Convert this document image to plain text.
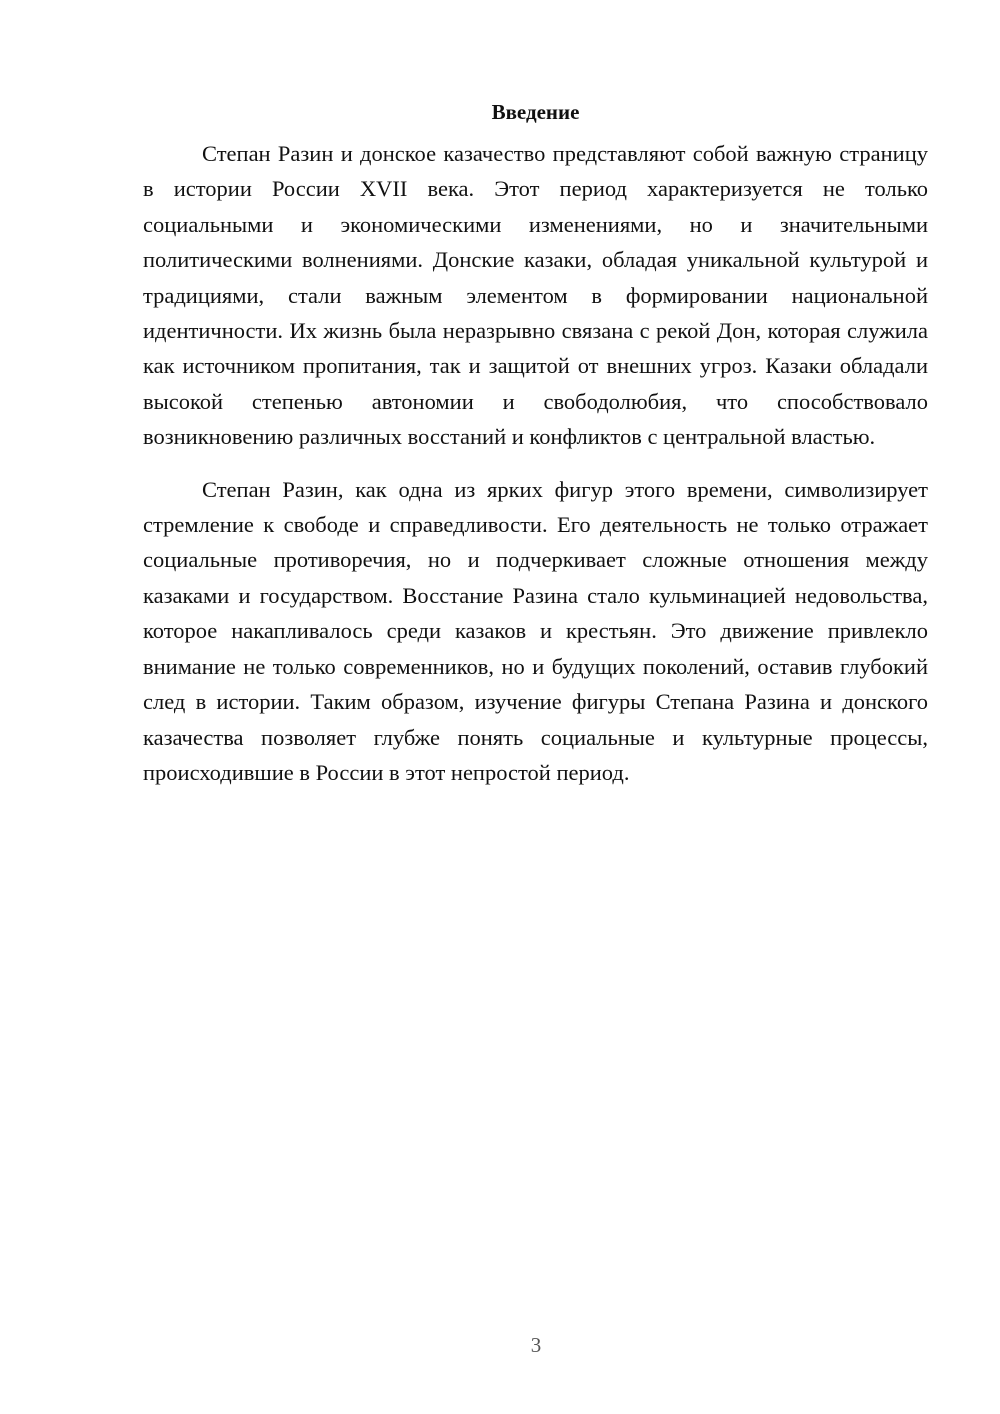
Введение

Степан Разин и донское казачество представляют собой важную страницу в истории России XVII века. Этот период характеризуется не только социальными и экономическими изменениями, но и значительными политическими волнениями. Донские казаки, обладая уникальной культурой и традициями, стали важным элементом в формировании национальной идентичности. Их жизнь была неразрывно связана с рекой Дон, которая служила как источником пропитания, так и защитой от внешних угроз. Казаки обладали высокой степенью автономии и свободолюбия, что способствовало возникновению различных восстаний и конфликтов с центральной властью.

Степан Разин, как одна из ярких фигур этого времени, символизирует стремление к свободе и справедливости. Его деятельность не только отражает социальные противоречия, но и подчеркивает сложные отношения между казаками и государством. Восстание Разина стало кульминацией недовольства, которое накапливалось среди казаков и крестьян. Это движение привлекло внимание не только современников, но и будущих поколений, оставив глубокий след в истории. Таким образом, изучение фигуры Степана Разина и донского казачества позволяет глубже понять социальные и культурные процессы, происходившие в России в этот непростой период.

3
